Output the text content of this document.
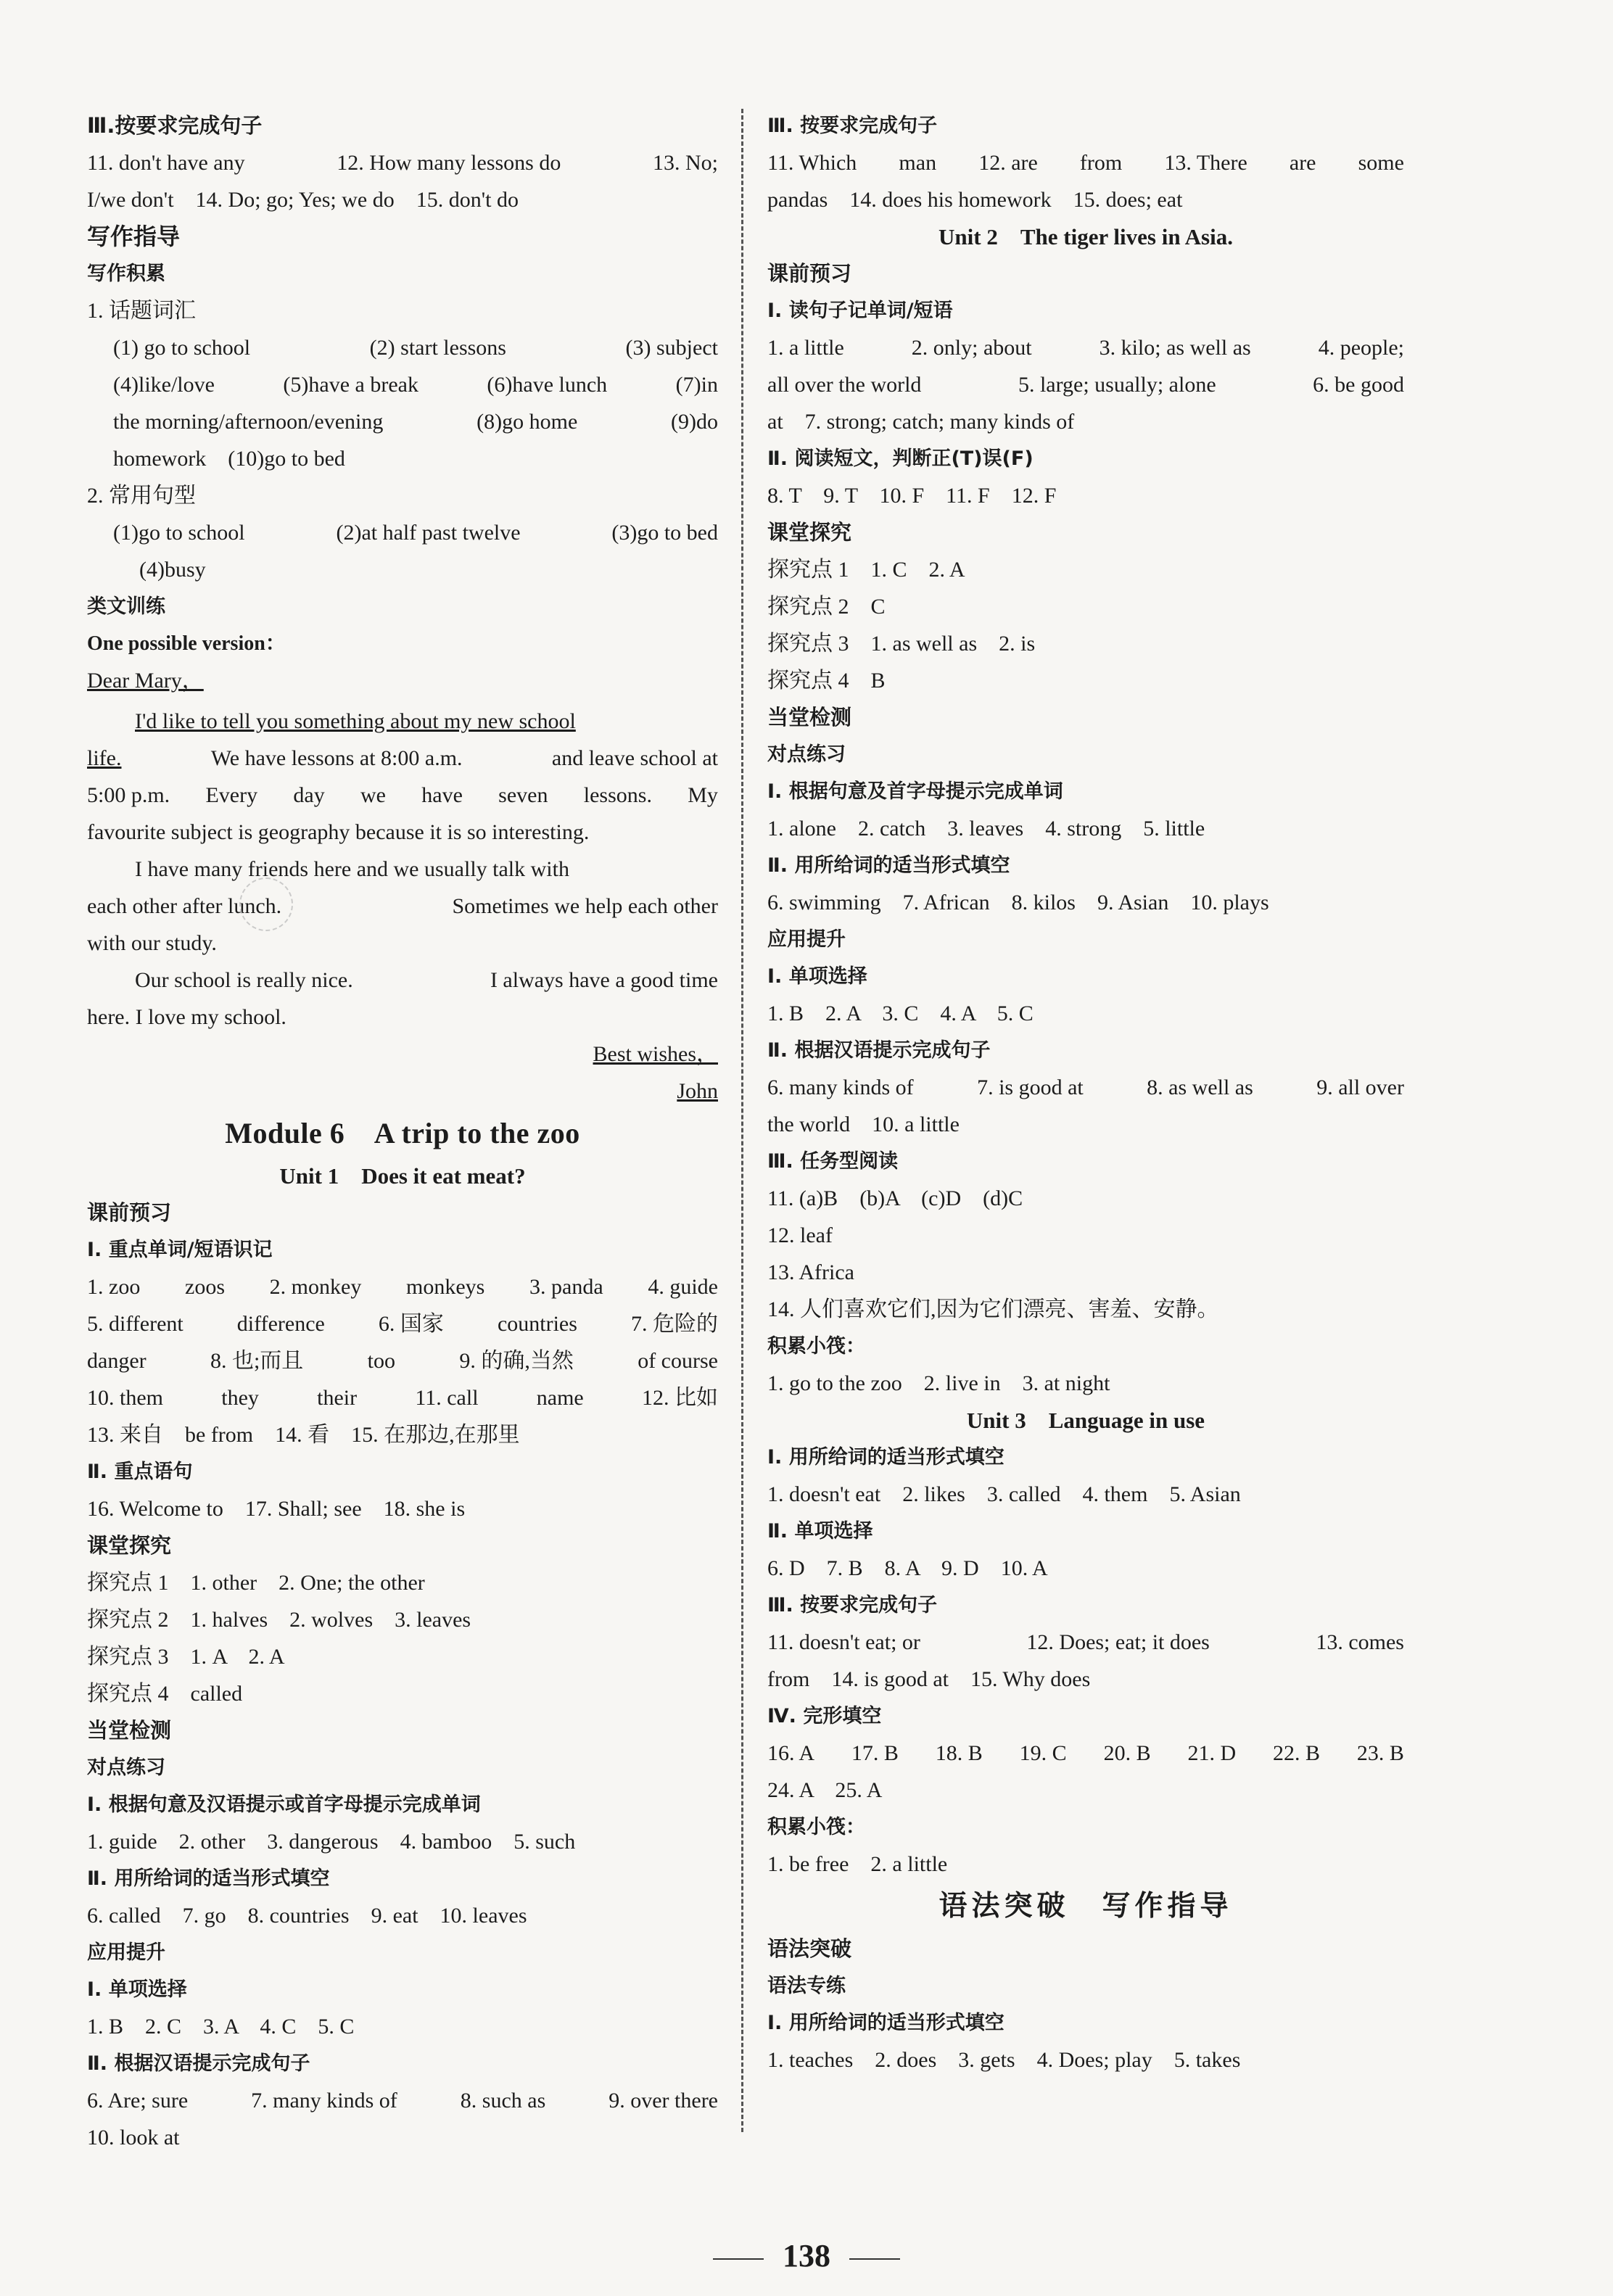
Ⅲ.按要求完成句子
11. don't have any	12. How many lessons do	13. No;
I/we don't　14. Do; go; Yes; we do　15. don't do
写作指导
写作积累
1. 话题词汇
(1) go to school	(2) start lessons	(3) subject
(4)like/love	(5)have a break	(6)have lunch	(7)in
the morning/afternoon/evening	(8)go home	(9)do
homework　(10)go to bed
2. 常用句型
(1)go to school	(2)at half past twelve	(3)go to bed
(4)busy
类文训练
One possible version：
Dear Mary，
I'd like to tell you something about my new school
life.	We have lessons at 8:00 a.m.	and leave school at
5:00 p.m. Every day we have seven lessons. My
favourite subject is geography because it is so interesting.
I have many friends here and we usually talk with
each other after lunch.	Sometimes we help each other
with our study.
Our school is really nice.	I always have a good time
here. I love my school.
Best wishes，
John
Module 6　A trip to the zoo
Unit 1　Does it eat meat?
课前预习
Ⅰ. 重点单词/短语识记
1. zoo zoos 2. monkey monkeys 3. panda 4. guide
5. different difference 6. 国家 countries 7. 危险的
danger	8. 也;而且	too	9. 的确,当然	of course
10. them	they	their	11. call	name	12. 比如
13. 来自　be from　14. 看　15. 在那边,在那里
Ⅱ. 重点语句
16. Welcome to　17. Shall; see　18. she is
课堂探究
探究点 1　1. other　2. One; the other
探究点 2　1. halves　2. wolves　3. leaves
探究点 3　1. A　2. A
探究点 4　called
当堂检测
对点练习
Ⅰ. 根据句意及汉语提示或首字母提示完成单词
1. guide　2. other　3. dangerous　4. bamboo　5. such
Ⅱ. 用所给词的适当形式填空
6. called　7. go　8. countries　9. eat　10. leaves
应用提升
Ⅰ. 单项选择
1. B　2. C　3. A　4. C　5. C
Ⅱ. 根据汉语提示完成句子
6. Are; sure	7. many kinds of	8. such as	9. over there
10. look at
Ⅲ. 按要求完成句子
11. Which man 12. are from 13. There are some
pandas　14. does his homework　15. does; eat
Unit 2　The tiger lives in Asia.
课前预习
Ⅰ. 读句子记单词/短语
1. a little	2. only; about	3. kilo; as well as	4. people;
all over the world	5. large; usually; alone	6. be good
at　7. strong; catch; many kinds of
Ⅱ. 阅读短文，判断正(T)误(F)
8. T　9. T　10. F　11. F　12. F
课堂探究
探究点 1　1. C　2. A
探究点 2　C
探究点 3　1. as well as　2. is
探究点 4　B
当堂检测
对点练习
Ⅰ. 根据句意及首字母提示完成单词
1. alone　2. catch　3. leaves　4. strong　5. little
Ⅱ. 用所给词的适当形式填空
6. swimming　7. African　8. kilos　9. Asian　10. plays
应用提升
Ⅰ. 单项选择
1. B　2. A　3. C　4. A　5. C
Ⅱ. 根据汉语提示完成句子
6. many kinds of	7. is good at	8. as well as	9. all over
the world　10. a little
Ⅲ. 任务型阅读
11. (a)B　(b)A　(c)D　(d)C
12. leaf
13. Africa
14. 人们喜欢它们,因为它们漂亮、害羞、安静。
积累小筏：
1. go to the zoo　2. live in　3. at night
Unit 3　Language in use
Ⅰ. 用所给词的适当形式填空
1. doesn't eat　2. likes　3. called　4. them　5. Asian
Ⅱ. 单项选择
6. D　7. B　8. A　9. D　10. A
Ⅲ. 按要求完成句子
11. doesn't eat; or	12. Does; eat; it does	13. comes
from　14. is good at　15. Why does
Ⅳ. 完形填空
16. A 17. B 18. B 19. C 20. B 21. D 22. B 23. B
24. A　25. A
积累小筏：
1. be free　2. a little
语法突破　写作指导
语法突破
语法专练
Ⅰ. 用所给词的适当形式填空
1. teaches　2. does　3. gets　4. Does; play　5. takes
138
